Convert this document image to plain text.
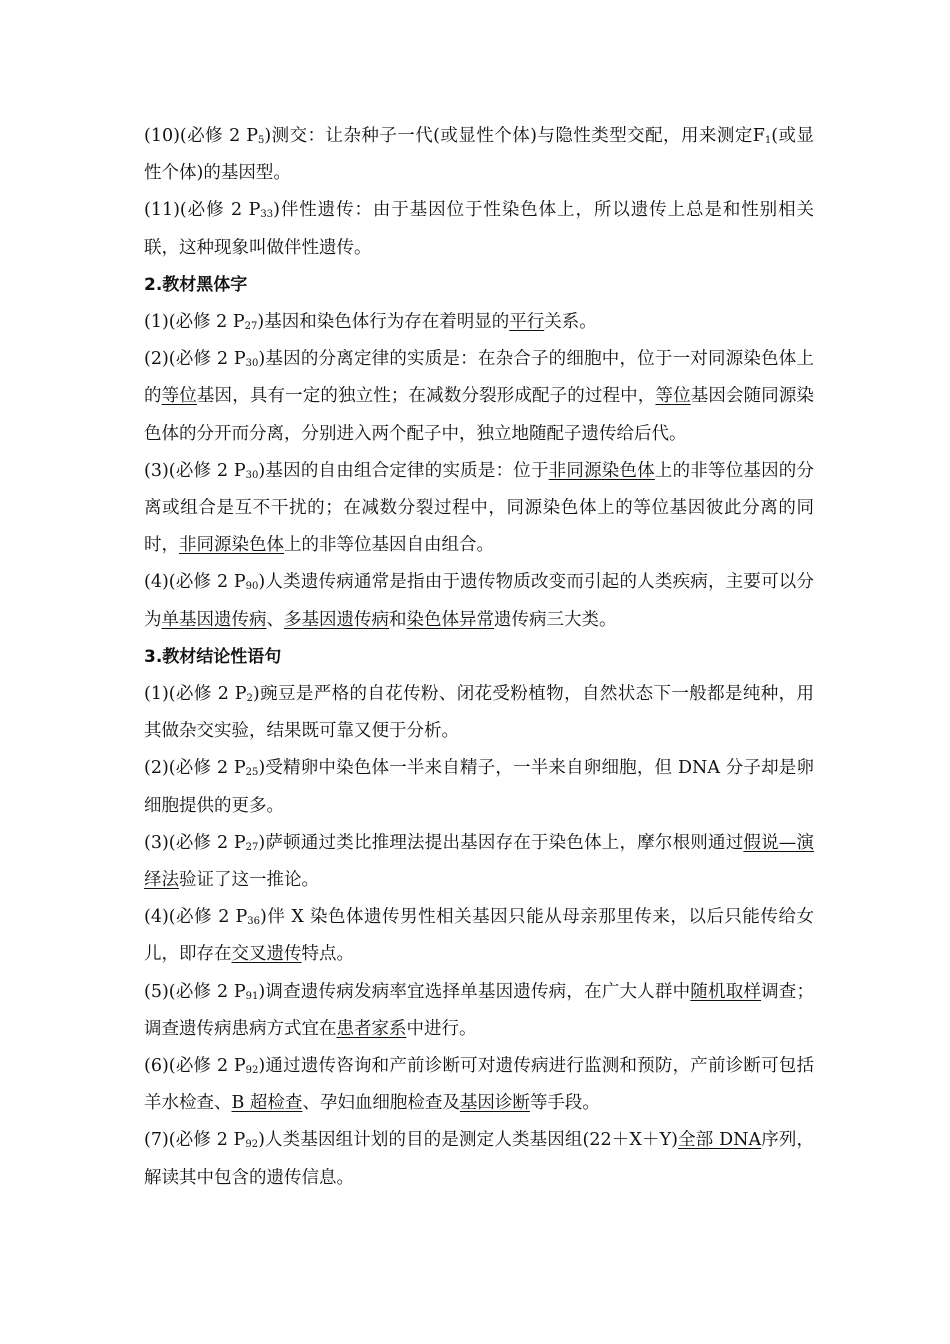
(10)(必修 2 $P_5$)测交：让杂种子一代(或显性个体)与隐性类型交配，用来测定$F_1$(或显性个体)的基因型。
(11)(必修 2 $P_{33}$)伴性遗传：由于基因位于性染色体上，所以遗传上总是和性别相关联，这种现象叫做伴性遗传。
2.教材黑体字
(1)(必修 2 $P_{27}$)基因和染色体行为存在着明显的平行关系。
(2)(必修 2 $P_{30}$)基因的分离定律的实质是：在杂合子的细胞中，位于一对同源染色体上的等位基因，具有一定的独立性；在减数分裂形成配子的过程中，等位基因会随同源染色体的分开而分离，分别进入两个配子中，独立地随配子遗传给后代。
(3)(必修 2 $P_{30}$)基因的自由组合定律的实质是：位于非同源染色体上的非等位基因的分离或组合是互不干扰的；在减数分裂过程中，同源染色体上的等位基因彼此分离的同时，非同源染色体上的非等位基因自由组合。
(4)(必修 2 $P_{90}$)人类遗传病通常是指由于遗传物质改变而引起的人类疾病，主要可以分为单基因遗传病、多基因遗传病和染色体异常遗传病三大类。
3.教材结论性语句
(1)(必修 2 $P_2$)豌豆是严格的自花传粉、闭花受粉植物，自然状态下一般都是纯种，用其做杂交实验，结果既可靠又便于分析。
(2)(必修 2 $P_{25}$)受精卵中染色体一半来自精子，一半来自卵细胞，但 DNA 分子却是卵细胞提供的更多。
(3)(必修 2 $P_{27}$)萨顿通过类比推理法提出基因存在于染色体上，摩尔根则通过假说—演绎法验证了这一推论。
(4)(必修 2 $P_{36}$)伴 X 染色体遗传男性相关基因只能从母亲那里传来，以后只能传给女儿，即存在交叉遗传特点。
(5)(必修 2 $P_{91}$)调查遗传病发病率宜选择单基因遗传病，在广大人群中随机取样调查；调查遗传病患病方式宜在患者家系中进行。
(6)(必修 2 $P_{92}$)通过遗传咨询和产前诊断可对遗传病进行监测和预防，产前诊断可包括羊水检查、B 超检查、孕妇血细胞检查及基因诊断等手段。
(7)(必修 2 $P_{92}$)人类基因组计划的目的是测定人类基因组(22＋X＋Y)全部 DNA序列，解读其中包含的遗传信息。
